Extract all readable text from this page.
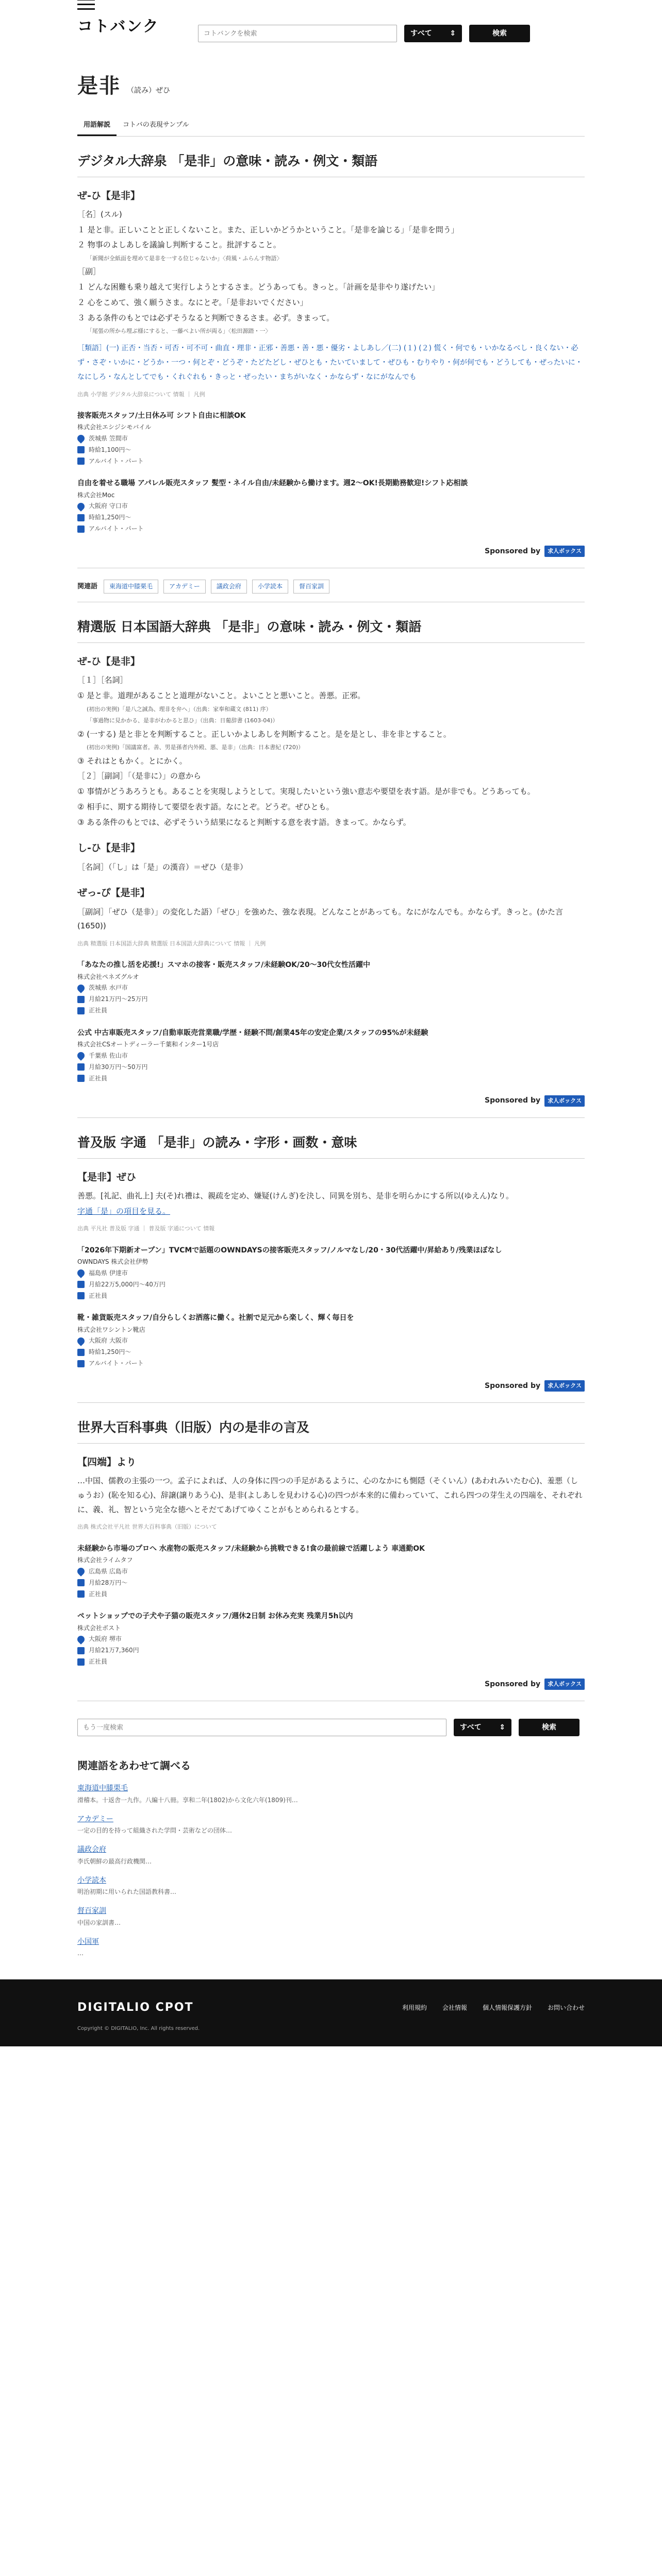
コトバンク
コトバンクを検索	すべて ⇕	検索
是非 （読み）ぜひ
用語解説	コトバの表現サンプル
デジタル大辞泉 「是非」の意味・読み・例文・類語
ぜ‐ひ【是非】

［名］(スル)

１ 是と非。正しいことと正しくないこと。また、正しいかどうかということ。「是非を論じる」「是非を問う」

２ 物事のよしあしを議論し判断すること。批評すること。

「新聞が全紙面を埋めて是非を一する位じゃないか」〈荷風・ふらんす物語〉

［副］

１ どんな困難も乗り越えて実行しようとするさま。どうあっても。きっと。「計画を是非やり遂げたい」

２ 心をこめて、強く願うさま。なにとぞ。「是非おいでください」

３ ある条件のもとでは必ずそうなると判断できるさま。必ず。きまって。

「尾張の所から埋ぶ様にすると、一藤ぺよい所が両る」〈松田源踏・一〉

［類語］(一) 正否・当否・可否・可不可・曲直・理非・正邪・善悪・善・悪・優劣・よしあし／(二) (１) (２) 慌く・何でも・いかなるべし・良くない・必ず・さぞ・いかに・どうか・一つ・何とぞ・どうぞ・たどたどし・ぜひとも・たいていまして・ぜひも・むりやり・何が何でも・どうしても・ぜったいに・なにしろ・なんとしてでも・くれぐれも・きっと・ぜったい・まちがいなく・かならず・なにがなんでも
出典 小学館 デジタル大辞泉について 情報 ｜ 凡例
接客販売スタッフ/土日休み可 シフト自由に相談OK
株式会社エシジシモバイル
茨城県 笠間市
時給1,100円～
アルバイト・パート
自由を着せる職場 アパレル販売スタッフ 髪型・ネイル自由/未経験から働けます。週2～OK!長期勤務歓迎!シフト応相談
株式会社Moc
大阪府 守口市
時給1,250円～
アルバイト・パート
Sponsored by	求人ボックス
関連語	東海道中膝栗毛	アカデミー	議政会府	小学読本	督百家訓
精選版 日本国語大辞典 「是非」の意味・読み・例文・類語
ぜ‐ひ【是非】

［１］［名詞］

① 是と非。道理があることと道理がないこと。よいことと悪いこと。善悪。正邪。

(初出の実例)「是八之誠為、理非を弁へ」（出典：家奉和蔵文 (811) 序）

「事過物に見かかる、是非がわかると思ひ」（出典：日葡辞書 (1603-04)）

② (一する) 是と非とを判断すること。正しいかよしあしを判断すること。是を是とし、非を非とすること。

(初出の実例)「国議富者。善、男是孫者内外殿、悪、是非」（出典：日本書紀 (720)）

③ それはともかく。とにかく。

［２］［副詞］「（是非に）」の意から

① 事情がどうあろうとも。あることを実現しようとして。実現したいという強い意志や要望を表す語。是が非でも。どうあっても。

② 相手に、期する期待して要望を表す語。なにとぞ。どうぞ。ぜひとも。

③ ある条件のもとでは、必ずそういう結果になると判断する意を表す語。きまって。かならず。

し‐ひ【是非】

［名詞］（「し」は「是」の漢音）＝ぜひ（是非）

ぜっ‐ぴ【是非】

［副詞］「ぜひ（是非）」の変化した語）「ぜひ」を強めた、強な表現。どんなことがあっても。なにがなんでも。かならず。きっと。(かた言 (1650))

出典 精選版 日本国語大辞典 精選版 日本国語大辞典について 情報 ｜ 凡例
「あなたの推し活を応援!」スマホの接客・販売スタッフ/未経験OK/20～30代女性活躍中
株式会社ペネズグルオ
茨城県 水戸市
月給21万円～25万円
正社員
公式 中古車販売スタッフ/自動車販売営業職/学歴・経験不問/創業45年の安定企業/スタッフの95%が未経験
株式会社CSオートディーラー千葉和インター1号店
千葉県 佐山市
月給30万円～50万円
正社員
Sponsored by	求人ボックス
普及版 字通 「是非」の読み・字形・画数・意味
【是非】ぜひ

善悪。[礼記、曲礼上] 夫(そ)れ禮は、親疏を定め、嫌疑(けんぎ)を決し、同異を別ち、是非を明らかにする所以(ゆえん)なり。

字通「是」の項目を見る。

出典 平凡社 普及版 字通 ｜ 普及版 字通について 情報
「2026年下期新オープン」TVCMで話題のOWNDAYSの接客販売スタッフ/ノルマなし/20・30代活躍中/昇給あり/残業ほぼなし
OWNDAYS 株式会社伊勢
福島県 伊達市
月給22万5,000円～40万円
正社員
靴・雑貨販売スタッフ/自分らしくお洒落に働く。社割で足元から楽しく、輝く毎日を
株式会社ワシントン靴店
大阪府 大阪市
時給1,250円～
アルバイト・パート
Sponsored by	求人ボックス
世界大百科事典（旧版）内の是非の言及
【四端】より

…中国、儒教の主張の一つ。孟子によれば、人の身体に四つの手足があるように、心のなかにも惻隠（そくいん）(あわれみいたむ心)、羞悪（しゅうお）(恥を知る心)、辞譲(譲りあう心)、是非(よしあしを見わける心)の四つが本来的に備わっていて、これら四つの芽生えの四端を、それぞれに、義、礼、智という完全な徳へとそだてあげてゆくことがもとめられるとする。

出典 株式会社平凡社 世界大百科事典（旧版）について
未経験から市場のプロへ 水産物の販売スタッフ/未経験から挑戦できる!食の最前線で活躍しよう 車通勤OK
株式会社ライムタフ
広島県 広島市
月給28万円～
正社員
ペットショップでの子犬や子猫の販売スタッフ/週休2日制 お休み充実 残業月5h以内
株式会社ボスト
大阪府 堺市
月給21万7,360円
正社員
Sponsored by	求人ボックス
もう一度検索
すべて ⇕	検索
関連語をあわせて調べる
東海道中膝栗毛
滑稽本。十返舎一九作。八編十八冊。享和二年(1802)から文化六年(1809)刊…
アカデミー
一定の目的を持って組織された学問・芸術などの団体…
議政会府
李氏朝鮮の最高行政機関…
小学読本
明治初期に用いられた国語教科書…
督百家訓
中国の家訓書…
小国軍
…
DIGITALIO CPOT	利用規約	会社情報	個人情報保護方針	お問い合わせ
Copyright © DIGITALIO, Inc. All rights reserved.
